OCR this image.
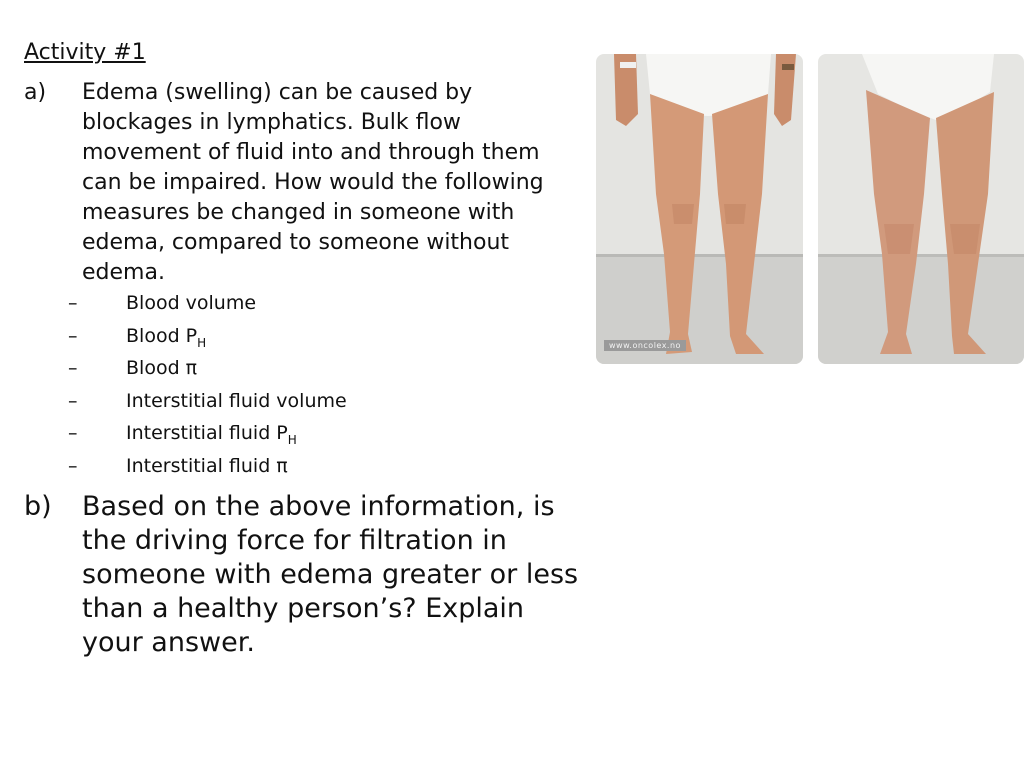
Activity #1
a) Edema (swelling) can be caused by blockages in lymphatics. Bulk flow movement of fluid into and through them can be impaired. How would the following measures be changed in someone with edema, compared to someone without edema.
–	Blood volume
–	Blood $P_H$
–	Blood π
–	Interstitial fluid volume
–	Interstitial fluid $P_H$
–	Interstitial fluid π
b) Based on the above information, is the driving force for filtration in someone with edema greater or less than a healthy person’s? Explain your answer.
www.oncolex.no
